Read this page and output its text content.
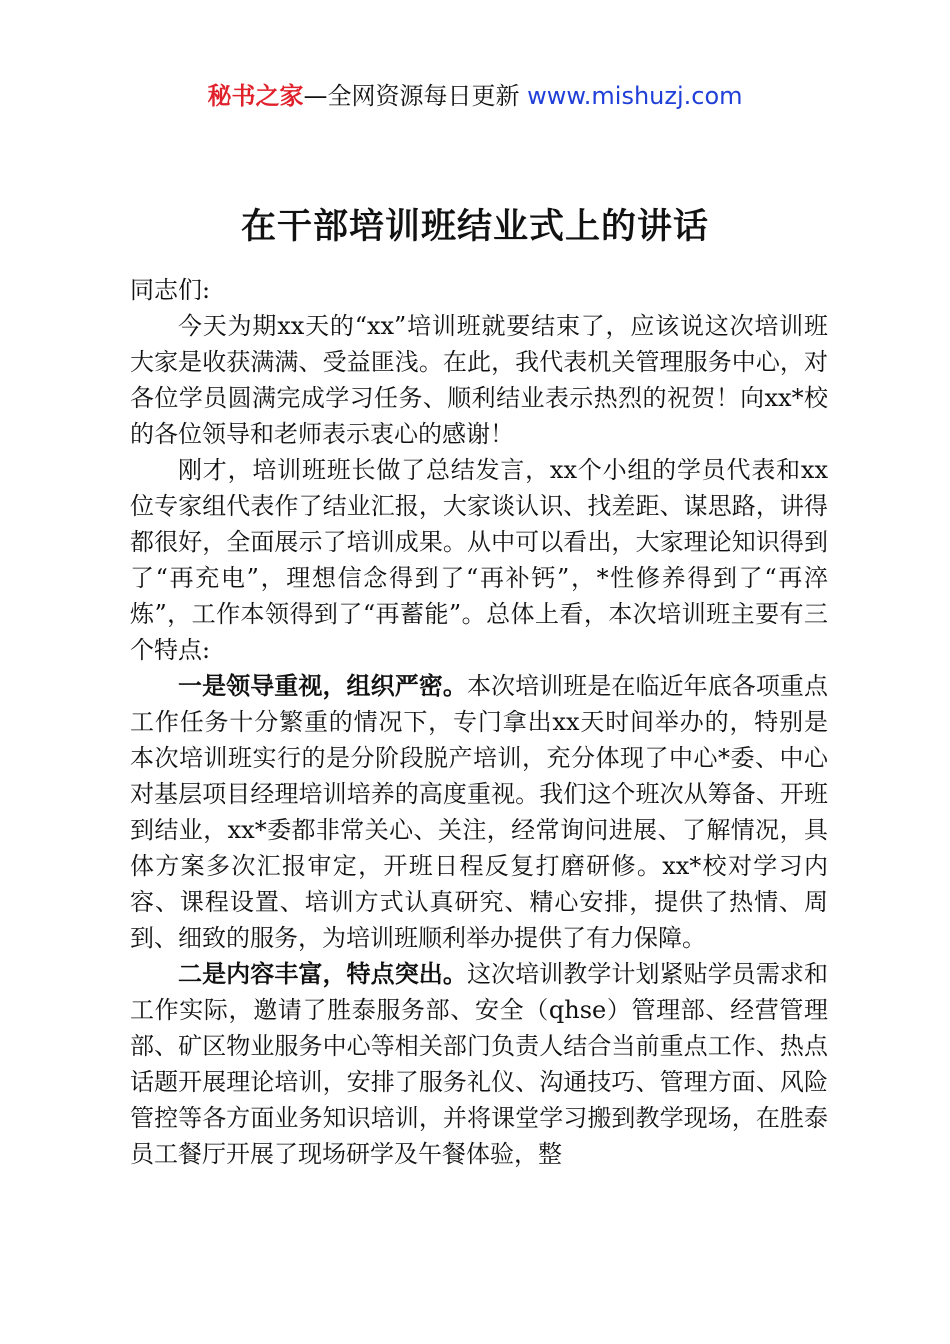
秘书之家—全网资源每日更新 www.mishuzj.com
在干部培训班结业式上的讲话

同志们:

今天为期xx天的“xx”培训班就要结束了，应该说这次培训班大家是收获满满、受益匪浅。在此，我代表机关管理服务中心，对各位学员圆满完成学习任务、顺利结业表示热烈的祝贺！向xx*校的各位领导和老师表示衷心的感谢！

刚才，培训班班长做了总结发言，xx个小组的学员代表和xx位专家组代表作了结业汇报，大家谈认识、找差距、谋思路，讲得都很好，全面展示了培训成果。从中可以看出，大家理论知识得到了“再充电”，理想信念得到了“再补钙”，*性修养得到了“再淬炼”，工作本领得到了“再蓄能”。总体上看，本次培训班主要有三个特点:

一是领导重视，组织严密。本次培训班是在临近年底各项重点工作任务十分繁重的情况下，专门拿出xx天时间举办的，特别是本次培训班实行的是分阶段脱产培训，充分体现了中心*委、中心对基层项目经理培训培养的高度重视。我们这个班次从筹备、开班到结业，xx*委都非常关心、关注，经常询问进展、了解情况，具体方案多次汇报审定，开班日程反复打磨研修。xx*校对学习内容、课程设置、培训方式认真研究、精心安排，提供了热情、周到、细致的服务，为培训班顺利举办提供了有力保障。

二是内容丰富，特点突出。这次培训教学计划紧贴学员需求和工作实际，邀请了胜泰服务部、安全（qhse）管理部、经营管理部、矿区物业服务中心等相关部门负责人结合当前重点工作、热点话题开展理论培训，安排了服务礼仪、沟通技巧、管理方面、风险管控等各方面业务知识培训，并将课堂学习搬到教学现场，在胜泰员工餐厅开展了现场研学及午餐体验，整
